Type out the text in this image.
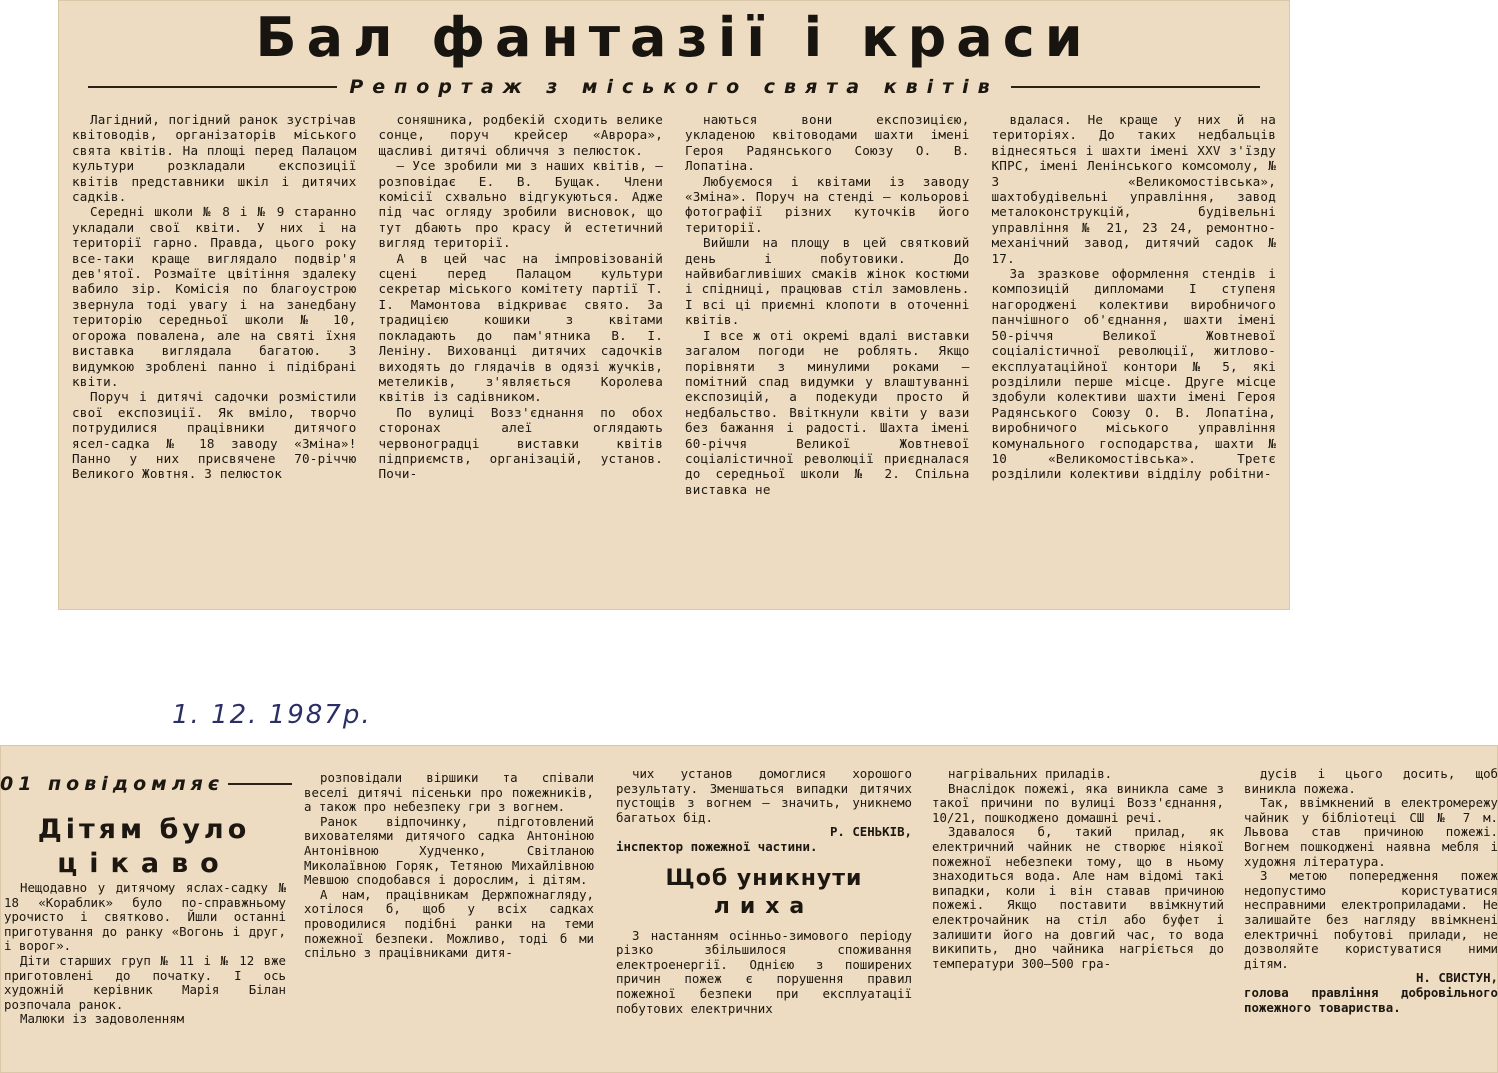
Бал фантазії і краси
Репортаж з міського свята квітів

Лагідний, погідний ранок зустрічав квітоводів, організаторів міського свята квітів. На площі перед Палацом культури розкладали експозиції квітів представники шкіл і дитячих садків.

Середні школи № 8 і № 9 старанно укладали свої квіти. У них і на території гарно. Правда, цього року все-таки краще виглядало подвір'я дев'ятої. Розмаїте цвітіння здалеку вабило зір. Комісія по благоустрою звернула тоді увагу і на занедбану територію середньої школи № 10, огорожа повалена, але на святі їхня виставка виглядала багатою. З видумкою зроблені панно і підібрані квіти.

Поруч і дитячі садочки розмістили свої експозиції. Як вміло, творчо потрудилися працівники дитячого ясел-садка № 18 заводу «Зміна»! Панно у них присвячене 70-річчю Великого Жовтня. З пелюсток

соняшника, родбекій сходить велике сонце, поруч крейсер «Аврора», щасливі дитячі обличчя з пелюсток.

— Усе зробили ми з наших квітів, — розповідає Е. В. Бущак. Члени комісії схвально відгукуються. Адже під час огляду зробили висновок, що тут дбають про красу й естетичний вигляд території.

А в цей час на імпровізованій сцені перед Палацом культури секретар міського комітету партії Т. І. Мамонтова відкриває свято. За традицією кошики з квітами покладають до пам'ятника В. І. Леніну. Вихованці дитячих садочків виходять до глядачів в одязі жучків, метеликів, з'являється Королева квітів із садівником.

По вулиці Возз'єднання по обох сторонах алеї оглядають червоноградці виставки квітів підприємств, організацій, установ. Почи-

наються вони експозицією, укладеною квітоводами шахти імені Героя Радянського Союзу О. В. Лопатіна.

Любуємося і квітами із заводу «Зміна». Поруч на стенді — кольорові фотографії різних куточків його території.

Вийшли на площу в цей святковий день і побутовики. До найвибагливіших смаків жінок костюми і спідниці, працював стіл замовлень. І всі ці приємні клопоти в оточенні квітів.

І все ж оті окремі вдалі виставки загалом погоди не роблять. Якщо порівняти з минулими роками — помітний спад видумки у влаштуванні експозицій, а подекуди просто й недбальство. Ввіткнули квіти у вази без бажання і радості. Шахта імені 60-річчя Великої Жовтневої соціалістичної революції приєдналася до середньої школи № 2. Спільна виставка не

вдалася. Не краще у них й на територіях. До таких недбальців віднесяться і шахти імені XXV з'їзду КПРС, імені Ленінського комсомолу, № 3 «Великомостівська», шахтобудівельні управління, завод металоконструкцій, будівельні управління № 21, 23 24, ремонтно-механічний завод, дитячий садок № 17.

За зразкове оформлення стендів і композицій дипломами І ступеня нагороджені колективи виробничого панчішного об'єднання, шахти імені 50-річчя Великої Жовтневої соціалістичної революції, житлово-експлуатаційної контори № 5, які розділили перше місце. Друге місце здобули колективи шахти імені Героя Радянського Союзу О. В. Лопатіна, виробничого міського управління комунального господарства, шахти № 10 «Великомостівська». Третє розділили колективи відділу робітни-

1. 12. 1987р.
01 повідомляє
Дітям було
цікаво

Нещодавно у дитячому яслах-садку № 18 «Кораблик» було по-справжньому урочисто і святково. Йшли останні приготування до ранку «Вогонь і друг, і ворог».

Діти старших груп № 11 і № 12 вже приготовлені до початку. І ось художній керівник Марія Білан розпочала ранок.

Малюки із задоволенням

розповідали віршики та співали веселі дитячі пісеньки про пожежників, а також про небезпеку гри з вогнем.

Ранок відпочинку, підготовлений вихователями дитячого садка Антоніною Антонівною Худченко, Світланою Миколаївною Горяк, Тетяною Михайлівною Мевшою сподобався і дорослим, і дітям.

А нам, працівникам Держпожнагляду, хотілося б, щоб у всіх садках проводилися подібні ранки на теми пожежної безпеки. Можливо, тоді б ми спільно з працівниками дитя-

чих установ домоглися хорошого результату. Зменшаться випадки дитячих пустощів з вогнем — значить, уникнемо багатьох бід.

Р. СЕНЬКІВ,

інспектор пожежної частини.

Щоб уникнути
лиха

З настанням осінньо-зимового періоду різко збільшилося споживання електроенергії. Однією з поширених причин пожеж є порушення правил пожежної безпеки при експлуатації побутових електричних

нагрівальних приладів.

Внаслідок пожежі, яка виникла саме з такої причини по вулиці Возз'єднання, 10/21, пошкоджено домашні речі.

Здавалося б, такий прилад, як електричний чайник не створює ніякої пожежної небезпеки тому, що в ньому знаходиться вода. Але нам відомі такі випадки, коли і він ставав причиною пожежі. Якщо поставити ввімкнутий електрочайник на стіл або буфет і залишити його на довгий час, то вода википить, дно чайника нагріється до температури 300—500 гра-

дусів і цього досить, щоб виникла пожежа.

Так, ввімкнений в електромережу чайник у бібліотеці СШ № 7 м. Львова став причиною пожежі. Вогнем пошкоджені наявна мебля і художня література.

З метою попередження пожеж недопустимо користуватися несправними електроприладами. Не залишайте без нагляду ввімкнені електричні побутові прилади, не дозволяйте користуватися ними дітям.

Н. СВИСТУН,

голова правління добровільного пожежного товариства.
